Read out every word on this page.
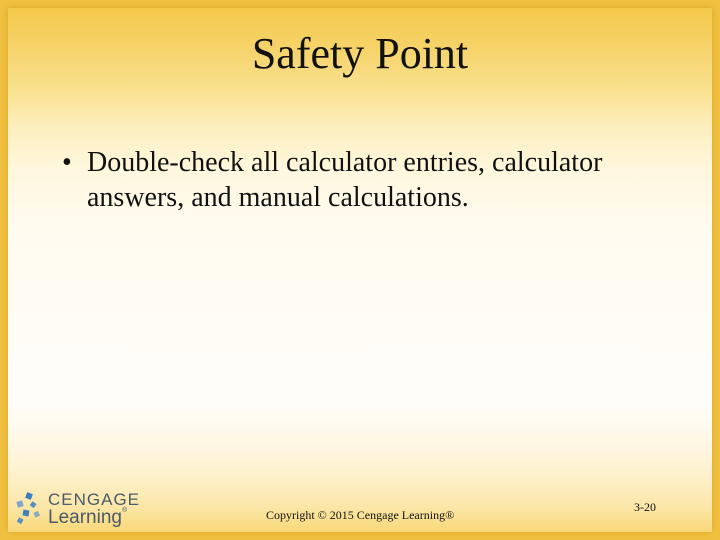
Safety Point
• Double-check all calculator entries, calculator answers, and manual calculations.
CENGAGE
Learning®	Copyright © 2015 Cengage Learning®
3-20
